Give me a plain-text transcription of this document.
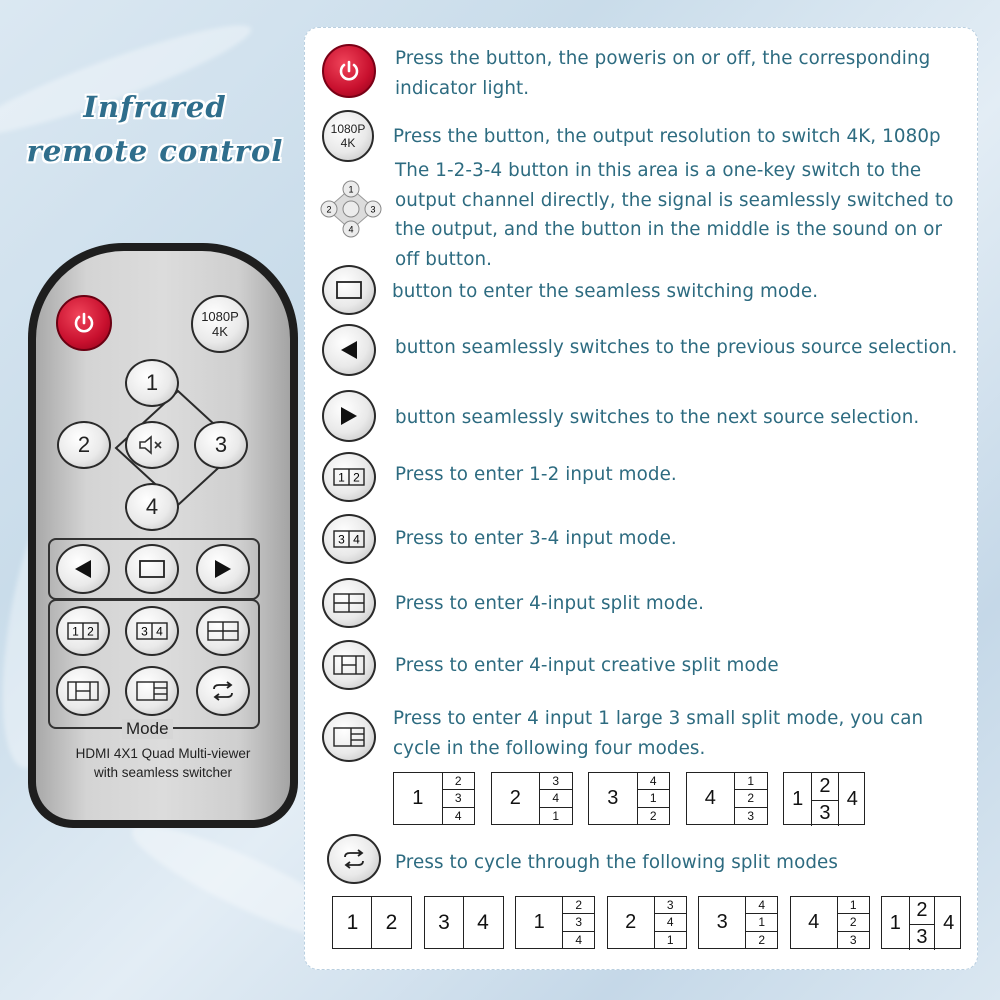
Infrared
remote control
1080P
4K
1
2	3
4
Mode
1 2	3 4
HDMI 4X1 Quad Multi-viewer
with seamless switcher
Press the button, the poweris on or off, the corresponding indicator light.
1080P
4K Press the button, the output resolution to switch 4K, 1080p
1
2	3
4
The 1-2-3-4 button in this area is a one-key switch to the output channel directly, the signal is seamlessly switched to the output, and the button in the middle is the sound on or off button.
button to enter the seamless switching mode.
button seamlessly switches to the previous source selection.
button seamlessly switches to the next source selection.
1 2 Press to enter 1-2 input mode.
3 4 Press to enter 3-4 input mode.
Press to enter 4-input split mode.
Press to enter 4-input creative split mode
Press to enter 4 input 1 large 3 small split mode, you can cycle in the following four modes.
1
2
3
4
2
3
4
1
3
4
1
2
4
1
2
3
1
2
3
4
Press to cycle through the following split modes
1	2	3	4	1
2
3
4
2
3
4
1
3
4
1
2
4
1
2
3
1
2
3
4
